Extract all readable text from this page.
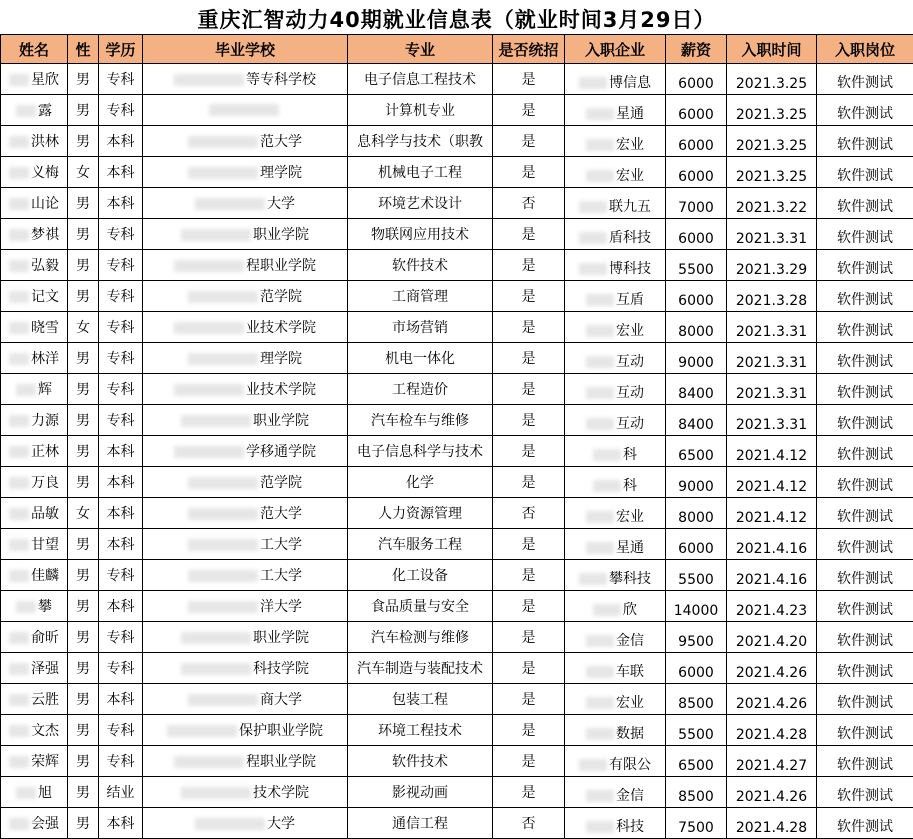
重庆汇智动力40期就业信息表（就业时间3月29日）
姓名	性	学历	毕业学校	专业	是否统招	入职企业	薪资	入职时间	入职岗位
星欣	男	专科	等专科学校	电子信息工程技术	是	博信息	6000	2021.3.25	软件测试
露	男	专科		计算机专业	是	星通	6000	2021.3.25	软件测试
洪林	男	本科	范大学	息科学与技术（职教	是	宏业	6000	2021.3.25	软件测试
义梅	女	本科	理学院	机械电子工程	是	宏业	6000	2021.3.25	软件测试
山论	男	本科	大学	环境艺术设计	否	联九五	7000	2021.3.22	软件测试
梦祺	男	专科	职业学院	物联网应用技术	是	盾科技	6000	2021.3.31	软件测试
弘毅	男	专科	程职业学院	软件技术	是	博科技	5500	2021.3.29	软件测试
记文	男	专科	范学院	工商管理	是	互盾	6000	2021.3.28	软件测试
晓雪	女	专科	业技术学院	市场营销	是	宏业	8000	2021.3.31	软件测试
林洋	男	专科	理学院	机电一体化	是	互动	9000	2021.3.31	软件测试
辉	男	专科	业技术学院	工程造价	是	互动	8400	2021.3.31	软件测试
力源	男	专科	职业学院	汽车检车与维修	是	互动	8400	2021.3.31	软件测试
正林	男	本科	学移通学院	电子信息科学与技术	是	科	6500	2021.4.12	软件测试
万良	男	本科	范学院	化学	是	科	9000	2021.4.12	软件测试
品敏	女	本科	范大学	人力资源管理	否	宏业	8000	2021.4.12	软件测试
甘望	男	本科	工大学	汽车服务工程	是	星通	6000	2021.4.16	软件测试
佳麟	男	专科	工大学	化工设备	是	攀科技	5500	2021.4.16	软件测试
攀	男	本科	洋大学	食品质量与安全	是	欣	14000	2021.4.23	软件测试
俞昕	男	专科	职业学院	汽车检测与维修	是	金信	9500	2021.4.20	软件测试
泽强	男	专科	科技学院	汽车制造与装配技术	是	车联	6000	2021.4.26	软件测试
云胜	男	本科	商大学	包装工程	是	宏业	8500	2021.4.26	软件测试
文杰	男	专科	保护职业学院	环境工程技术	是	数据	5500	2021.4.28	软件测试
荣辉	男	专科	程职业学院	软件技术	是	有限公	6500	2021.4.27	软件测试
旭	男	结业	技术学院	影视动画	是	金信	8500	2021.4.26	软件测试
会强	男	本科	大学	通信工程	否	科技	7500	2021.4.28	软件测试
